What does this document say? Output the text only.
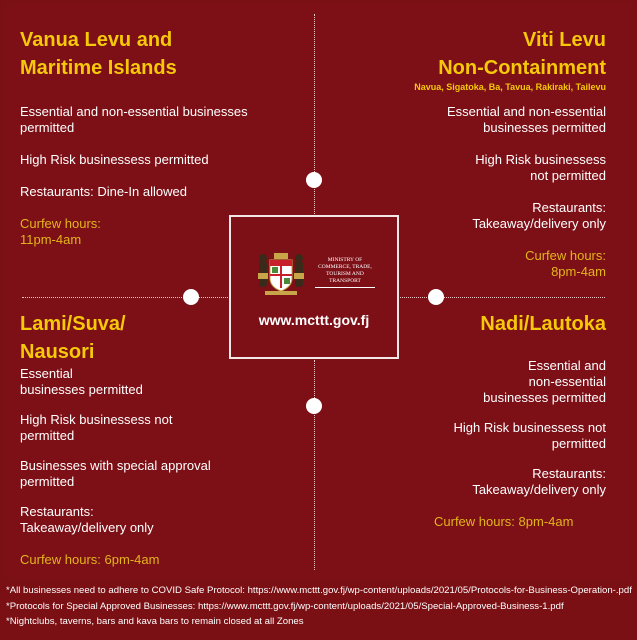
Vanua Levu and

Maritime Islands

Essential and non-essential businesses permitted

High Risk businessess permitted

Restaurants: Dine-In allowed

Curfew hours:

11pm-4am

Viti Levu

Non-Containment

Navua, Sigatoka, Ba, Tavua, Rakiraki, Tailevu

Essential and non-essential

businesses permitted

High Risk businessess

not permitted

Restaurants:

Takeaway/delivery only

Curfew hours:

8pm-4am

Lami/Suva/

Nausori

Essential

businesses permitted

High Risk businessess not

permitted

Businesses with special approval

permitted

Restaurants:

Takeaway/delivery only

Curfew hours: 6pm-4am

Nadi/Lautoka

Essential and

non-essential

businesses permitted

High Risk businessess not

permitted

Restaurants:

Takeaway/delivery only

Curfew hours: 8pm-4am

MINISTRY OF
COMMERCE, TRADE,
TOURISM AND
TRANSPORT
www.mcttt.gov.fj

*All businesses need to adhere to COVID Safe Protocol: https://www.mcttt.gov.fj/wp-content/uploads/2021/05/Protocols-for-Business-Operation-.pdf

*Protocols for Special Approved Businesses: https://www.mcttt.gov.fj/wp-content/uploads/2021/05/Special-Approved-Business-1.pdf

*Nightclubs, taverns, bars and kava bars to remain closed at all Zones
